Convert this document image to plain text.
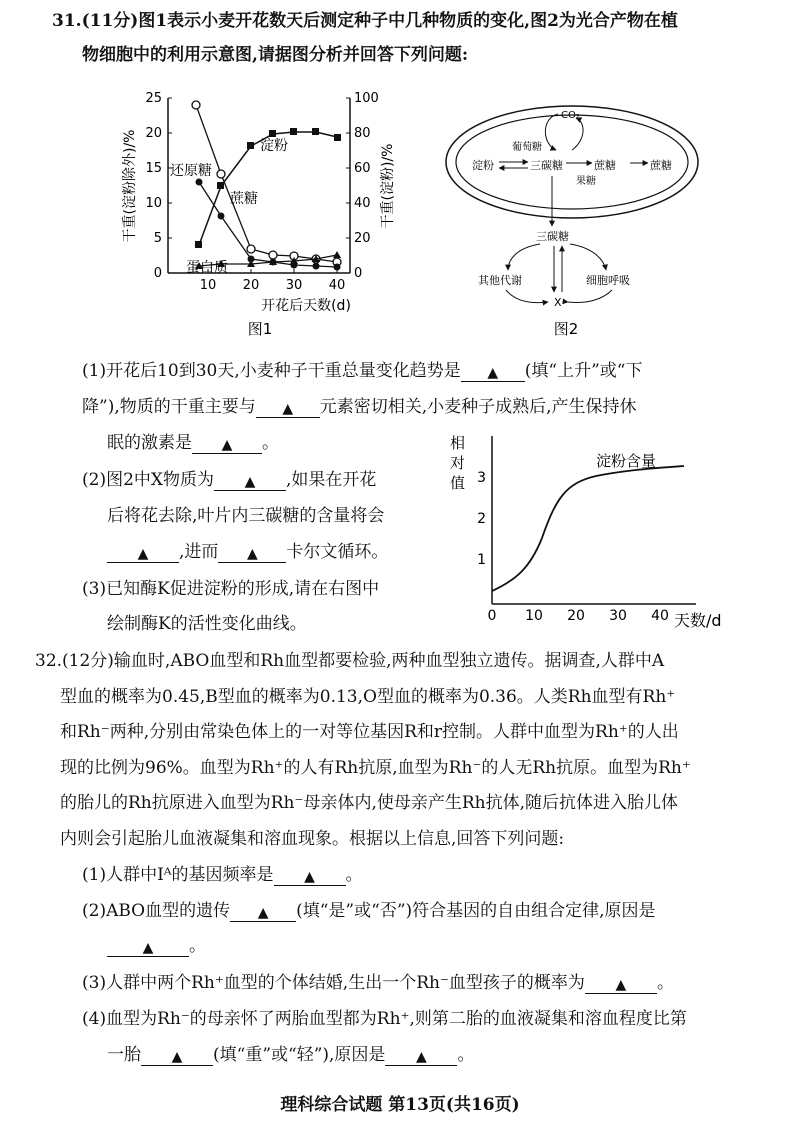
31.(11分)图1表示小麦开花数天后测定种子中几种物质的变化,图2为光合产物在植
物细胞中的利用示意图,请据图分析并回答下列问题:
0
5
10
15
20
25
0
20
40
60
80
100
10 20 30 40
开花后天数(d)
干重(淀粉除外)/%	干重(淀粉)/%
淀粉
还原糖
蔗糖
蛋白质
图1
CO₂
淀粉	三碳糖
葡萄糖
果糖
蔗糖	蔗糖
三碳糖
其他代谢	细胞呼吸
X
图2
(1)开花后10到30天,小麦种子干重总量变化趋势是 ▲ (填“上升”或“下
降”),物质的干重主要与 ▲ 元素密切相关,小麦种子成熟后,产生保持休
眠的激素是 ▲ 。
(2)图2中X物质为 ▲ ,如果在开花
后将花去除,叶片内三碳糖的含量将会
▲ ,进而 ▲ 卡尔文循环。
(3)已知酶K促进淀粉的形成,请在右图中
绘制酶K的活性变化曲线。
相
对
值
1
2
3
0 10 20 30 40 天数/d
淀粉含量
32.(12分)输血时,ABO血型和Rh血型都要检验,两种血型独立遗传。据调查,人群中A
型血的概率为0.45,B型血的概率为0.13,O型血的概率为0.36。人类Rh血型有Rh⁺
和Rh⁻两种,分别由常染色体上的一对等位基因R和r控制。人群中血型为Rh⁺的人出
现的比例为96%。血型为Rh⁺的人有Rh抗原,血型为Rh⁻的人无Rh抗原。血型为Rh⁺
的胎儿的Rh抗原进入血型为Rh⁻母亲体内,使母亲产生Rh抗体,随后抗体进入胎儿体
内则会引起胎儿血液凝集和溶血现象。根据以上信息,回答下列问题:
(1)人群中Iᴬ的基因频率是 ▲ 。
(2)ABO血型的遗传 ▲ (填“是”或“否”)符合基因的自由组合定律,原因是
▲ 。
(3)人群中两个Rh⁺血型的个体结婚,生出一个Rh⁻血型孩子的概率为 ▲ 。
(4)血型为Rh⁻的母亲怀了两胎血型都为Rh⁺,则第二胎的血液凝集和溶血程度比第
一胎 ▲ (填“重”或“轻”),原因是 ▲ 。
理科综合试题 第13页(共16页)
